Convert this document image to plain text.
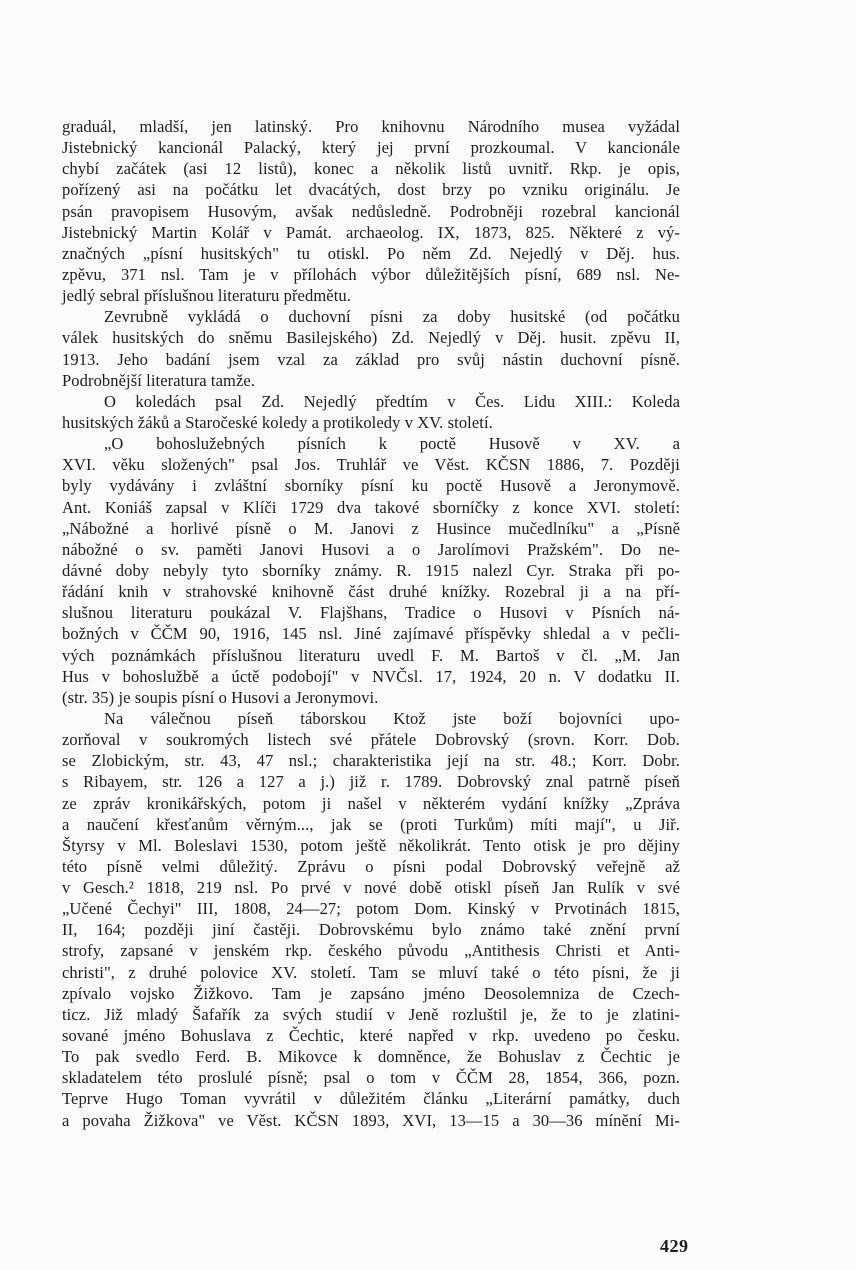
graduál, mladší, jen latinský. Pro knihovnu Národního musea vyžádal
Jistebnický kancionál Palacký, který jej první prozkoumal. V kancionále
chybí začátek (asi 12 listů), konec a několik listů uvnitř. Rkp. je opis,
pořízený asi na počátku let dvacátých, dost brzy po vzniku originálu. Je
psán pravopisem Husovým, avšak nedůsledně. Podrobněji rozebral kancionál
Jistebnický Martin Kolář v Památ. archaeolog. IX, 1873, 825. Některé z vý-
značných „písní husitských" tu otiskl. Po něm Zd. Nejedlý v Děj. hus.
zpěvu, 371 nsl. Tam je v přílohách výbor důležitějších písní, 689 nsl. Ne-
jedlý sebral příslušnou literaturu předmětu.
Zevrubně vykládá o duchovní písni za doby husitské (od počátku
válek husitských do sněmu Basilejského) Zd. Nejedlý v Děj. husit. zpěvu II,
1913. Jeho badání jsem vzal za základ pro svůj nástin duchovní písně.
Podrobnější literatura tamže.
O koledách psal Zd. Nejedlý předtím v Čes. Lidu XIII.: Koleda
husitských žáků a Staročeské koledy a protikoledy v XV. století.
„O bohoslužebných písních k poctě Husově v XV. a
XVI. věku složených" psal Jos. Truhlář ve Věst. KČSN 1886, 7. Později
byly vydávány i zvláštní sborníky písní ku poctě Husově a Jeronymově.
Ant. Koniáš zapsal v Klíči 1729 dva takové sborníčky z konce XVI. století:
„Nábožné a horlivé písně o M. Janovi z Husince mučedlníku" a „Písně
nábožné o sv. paměti Janovi Husovi a o Jarolímovi Pražském". Do ne-
dávné doby nebyly tyto sborníky známy. R. 1915 nalezl Cyr. Straka při po-
řádání knih v strahovské knihovně část druhé knížky. Rozebral ji a na pří-
slušnou literaturu poukázal V. Flajšhans, Tradice o Husovi v Písních ná-
božných v ČČM 90, 1916, 145 nsl. Jiné zajímavé příspěvky shledal a v pečli-
vých poznámkách příslušnou literaturu uvedl F. M. Bartoš v čl. „M. Jan
Hus v bohoslužbě a úctě podobojí" v NVČsl. 17, 1924, 20 n. V dodatku II.
(str. 35) je soupis písní o Husovi a Jeronymovi.
Na válečnou píseň táborskou Ktož jste boží bojovníci upo-
zorňoval v soukromých listech své přátele Dobrovský (srovn. Korr. Dob.
se Zlobickým, str. 43, 47 nsl.; charakteristika její na str. 48.; Korr. Dobr.
s Ribayem, str. 126 a 127 a j.) již r. 1789. Dobrovský znal patrně píseň
ze zpráv kronikářských, potom ji našel v některém vydání knížky „Zpráva
a naučení křesťanům věrným..., jak se (proti Turkům) míti mají", u Jiř.
Štyrsy v Ml. Boleslavi 1530, potom ještě několikrát. Tento otisk je pro dějiny
této písně velmi důležitý. Zprávu o písni podal Dobrovský veřejně až
v Gesch.² 1818, 219 nsl. Po prvé v nové době otiskl píseň Jan Rulík v své
„Učené Čechyi" III, 1808, 24—27; potom Dom. Kinský v Prvotinách 1815,
II, 164; později jiní častěji. Dobrovskému bylo známo také znění první
strofy, zapsané v jenském rkp. českého původu „Antithesis Christi et Anti-
christi", z druhé polovice XV. století. Tam se mluví také o této písni, že ji
zpívalo vojsko Žižkovo. Tam je zapsáno jméno Deosolemniza de Czech-
ticz. Již mladý Šafařík za svých studií v Jeně rozluštil je, že to je zlatini-
sované jméno Bohuslava z Čechtic, které napřed v rkp. uvedeno po česku.
To pak svedlo Ferd. B. Mikovce k domněnce, že Bohuslav z Čechtic je
skladatelem této proslulé písně; psal o tom v ČČM 28, 1854, 366, pozn.
Teprve Hugo Toman vyvrátil v důležitém článku „Literární památky, duch
a povaha Žižkova" ve Věst. KČSN 1893, XVI, 13—15 a 30—36 mínění Mi-
429
